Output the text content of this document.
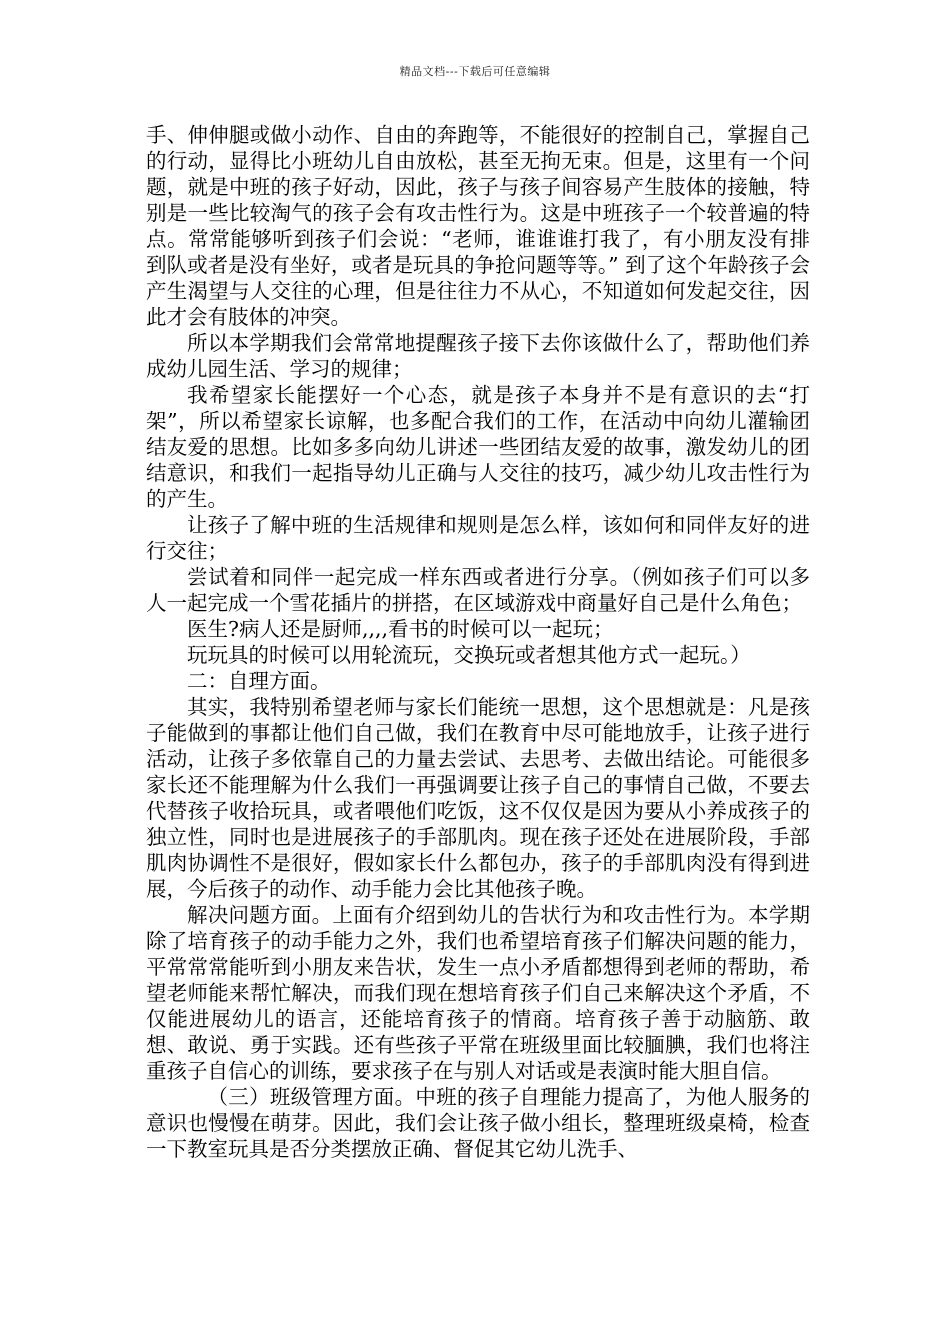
精品文档---下载后可任意编辑

手、伸伸腿或做小动作、自由的奔跑等，不能很好的控制自己，掌握自己的行动，显得比小班幼儿自由放松，甚至无拘无束。但是，这里有一个问题，就是中班的孩子好动，因此，孩子与孩子间容易产生肢体的接触，特别是一些比较淘气的孩子会有攻击性行为。这是中班孩子一个较普遍的特点。常常能够听到孩子们会说：“老师，谁谁谁打我了，有小朋友没有排到队或者是没有坐好，或者是玩具的争抢问题等等。” 到了这个年龄孩子会产生渴望与人交往的心理，但是往往力不从心，不知道如何发起交往，因此才会有肢体的冲突。

所以本学期我们会常常地提醒孩子接下去你该做什么了，帮助他们养成幼儿园生活、学习的规律；

我希望家长能摆好一个心态，就是孩子本身并不是有意识的去“打架”，所以希望家长谅解，也多配合我们的工作，在活动中向幼儿灌输团结友爱的思想。比如多多向幼儿讲述一些团结友爱的故事，激发幼儿的团结意识，和我们一起指导幼儿正确与人交往的技巧，减少幼儿攻击性行为的产生。

让孩子了解中班的生活规律和规则是怎么样，该如何和同伴友好的进行交往；

尝试着和同伴一起完成一样东西或者进行分享。（例如孩子们可以多人一起完成一个雪花插片的拼搭，在区域游戏中商量好自己是什么角色；

医生?病人还是厨师,,,,看书的时候可以一起玩；

玩玩具的时候可以用轮流玩，交换玩或者想其他方式一起玩。）

二：自理方面。

其实，我特别希望老师与家长们能统一思想，这个思想就是：凡是孩子能做到的事都让他们自己做，我们在教育中尽可能地放手，让孩子进行活动，让孩子多依靠自己的力量去尝试、去思考、去做出结论。可能很多家长还不能理解为什么我们一再强调要让孩子自己的事情自己做，不要去代替孩子收拾玩具，或者喂他们吃饭，这不仅仅是因为要从小养成孩子的独立性，同时也是进展孩子的手部肌肉。现在孩子还处在进展阶段，手部肌肉协调性不是很好，假如家长什么都包办，孩子的手部肌肉没有得到进展，今后孩子的动作、动手能力会比其他孩子晚。

解决问题方面。上面有介绍到幼儿的告状行为和攻击性行为。本学期除了培育孩子的动手能力之外，我们也希望培育孩子们解决问题的能力，平常常常能听到小朋友来告状，发生一点小矛盾都想得到老师的帮助，希望老师能来帮忙解决，而我们现在想培育孩子们自己来解决这个矛盾，不仅能进展幼儿的语言，还能培育孩子的情商。培育孩子善于动脑筋、敢想、敢说、勇于实践。还有些孩子平常在班级里面比较腼腆，我们也将注重孩子自信心的训练，要求孩子在与别人对话或是表演时能大胆自信。

（三）班级管理方面。中班的孩子自理能力提高了，为他人服务的意识也慢慢在萌芽。因此，我们会让孩子做小组长，整理班级桌椅，检查一下教室玩具是否分类摆放正确、督促其它幼儿洗手、
